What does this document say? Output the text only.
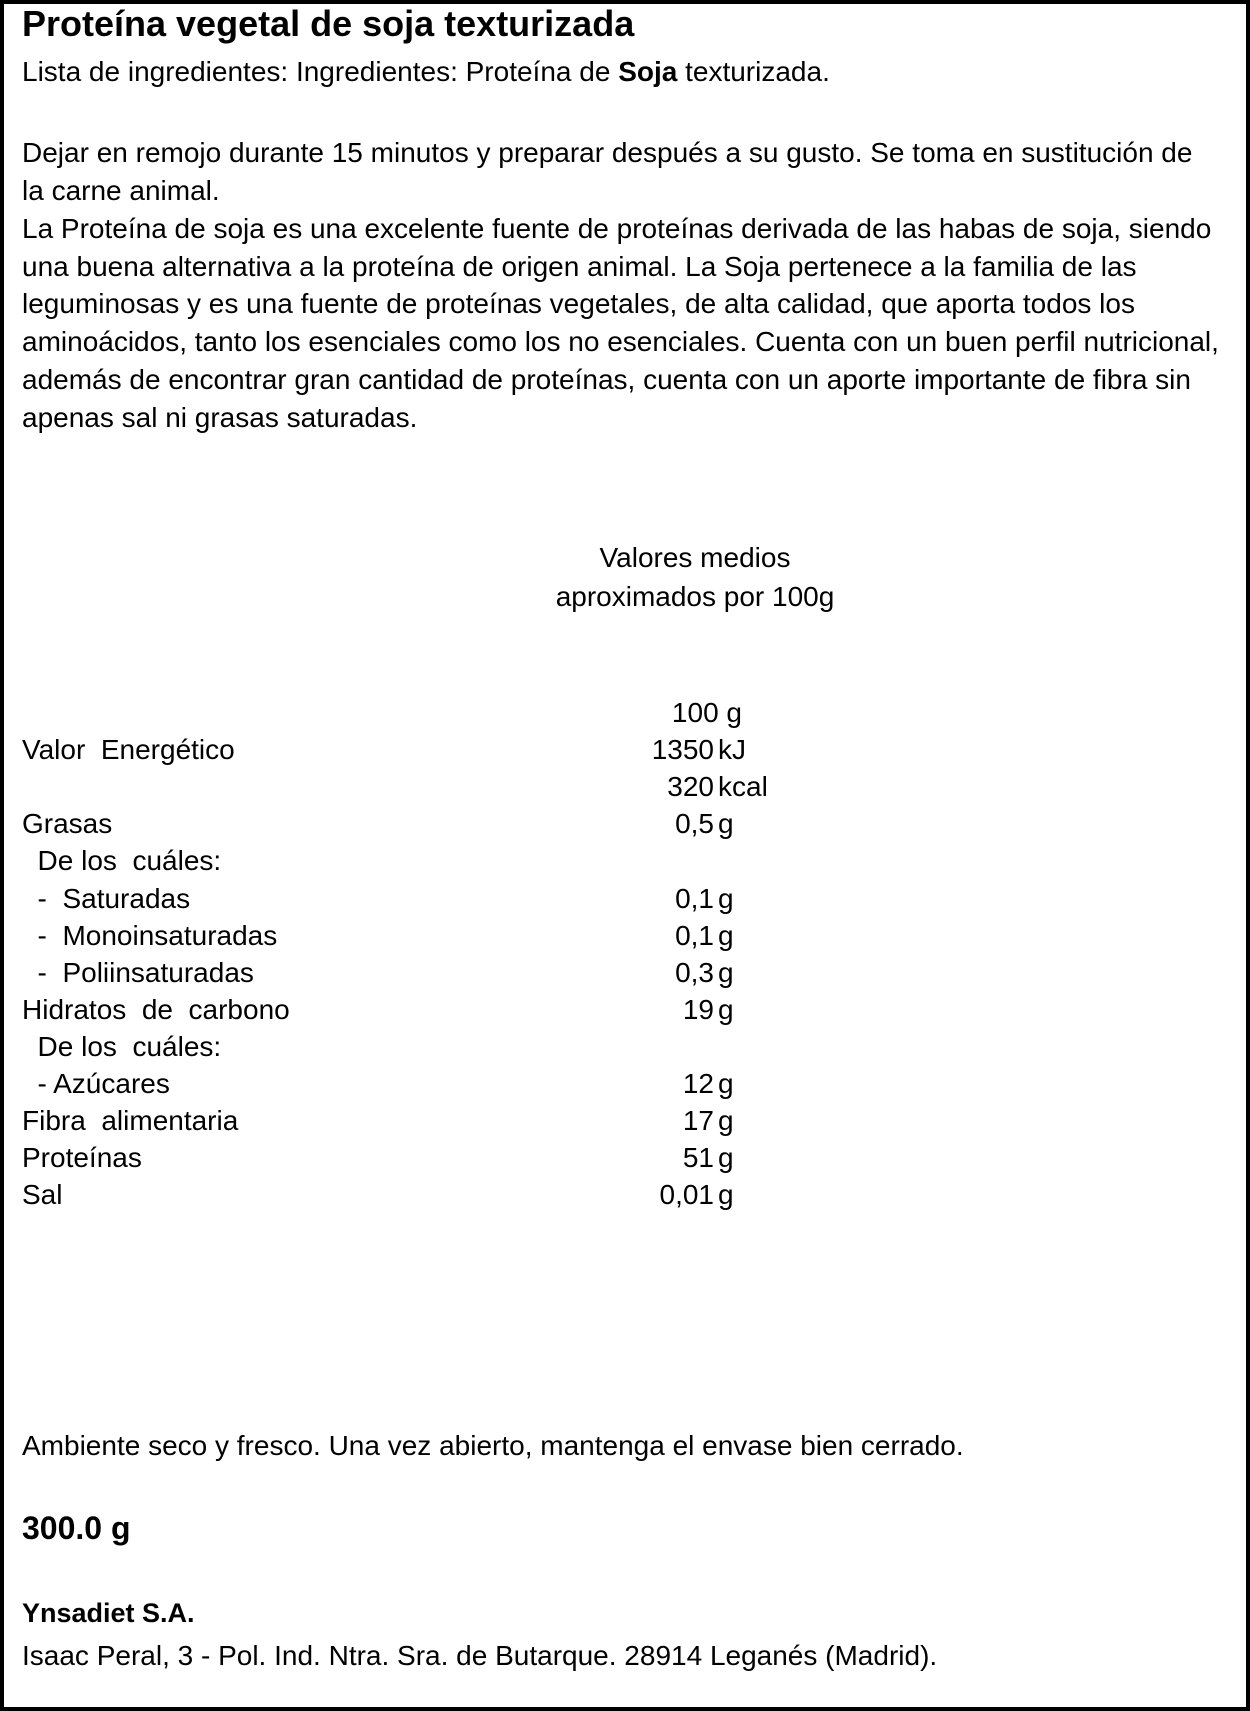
Proteína vegetal de soja texturizada
Lista de ingredientes: Ingredientes: Proteína de Soja texturizada.
Dejar en remojo durante 15 minutos y preparar después a su gusto. Se toma en sustitución de la carne animal.
La Proteína de soja es una excelente fuente de proteínas derivada de las habas de soja, siendo una buena alternativa a la proteína de origen animal. La Soja pertenece a la familia de las leguminosas y es una fuente de proteínas vegetales, de alta calidad, que aporta todos los aminoácidos, tanto los esenciales como los no esenciales. Cuenta con un buen perfil nutricional, además de encontrar gran cantidad de proteínas, cuenta con un aporte importante de fibra sin apenas sal ni grasas saturadas.
Valores medios
aproximados por 100g
100 g
Valor  Energético	1350 kJ
320 kcal
Grasas	0,5 g
De los  cuáles:
-  Saturadas	0,1 g
-  Monoinsaturadas	0,1 g
-  Poliinsaturadas	0,3 g
Hidratos  de  carbono	19 g
De los  cuáles:
- Azúcares	12 g
Fibra  alimentaria	17 g
Proteínas	51 g
Sal	0,01 g
Ambiente seco y fresco. Una vez abierto, mantenga el envase bien cerrado.
300.0 g
Ynsadiet S.A.
Isaac Peral, 3 - Pol. Ind. Ntra. Sra. de Butarque. 28914 Leganés (Madrid).
